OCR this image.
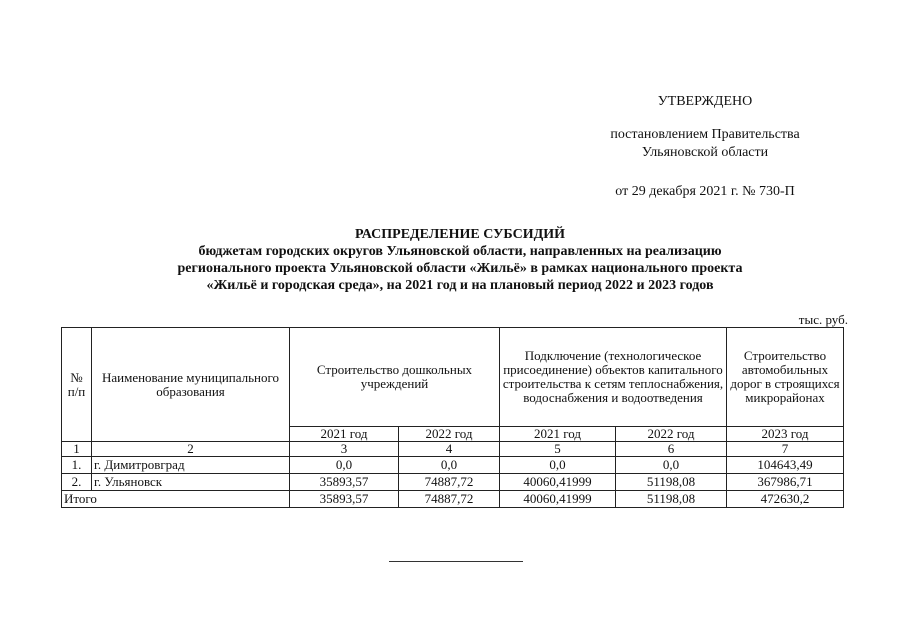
УТВЕРЖДЕНО
постановлением Правительства
Ульяновской области
от 29 декабря 2021 г. № 730-П
РАСПРЕДЕЛЕНИЕ СУБСИДИЙ
бюджетам городских округов Ульяновской области, направленных на реализацию
регионального проекта Ульяновской области «Жильё» в рамках национального проекта
«Жильё и городская среда», на 2021 год и на плановый период 2022 и 2023 годов
тыс. руб.
№ п/п	Наименование муниципального образования	Строительство дошкольных учреждений		Подключение (технологическое присоединение) объектов капитального строительства к сетям теплоснабжения, водоснабжения и водоотведения		Строительство автомобильных дорог в строящихся микрорайонах
		2021 год	2022 год	2021 год	2022 год	2023 год
1	2	3	4	5	6	7
1.	г. Димитровград	0,0	0,0	0,0	0,0	104643,49
2.	г. Ульяновск	35893,57	74887,72	40060,41999	51198,08	367986,71
Итого		35893,57	74887,72	40060,41999	51198,08	472630,2
